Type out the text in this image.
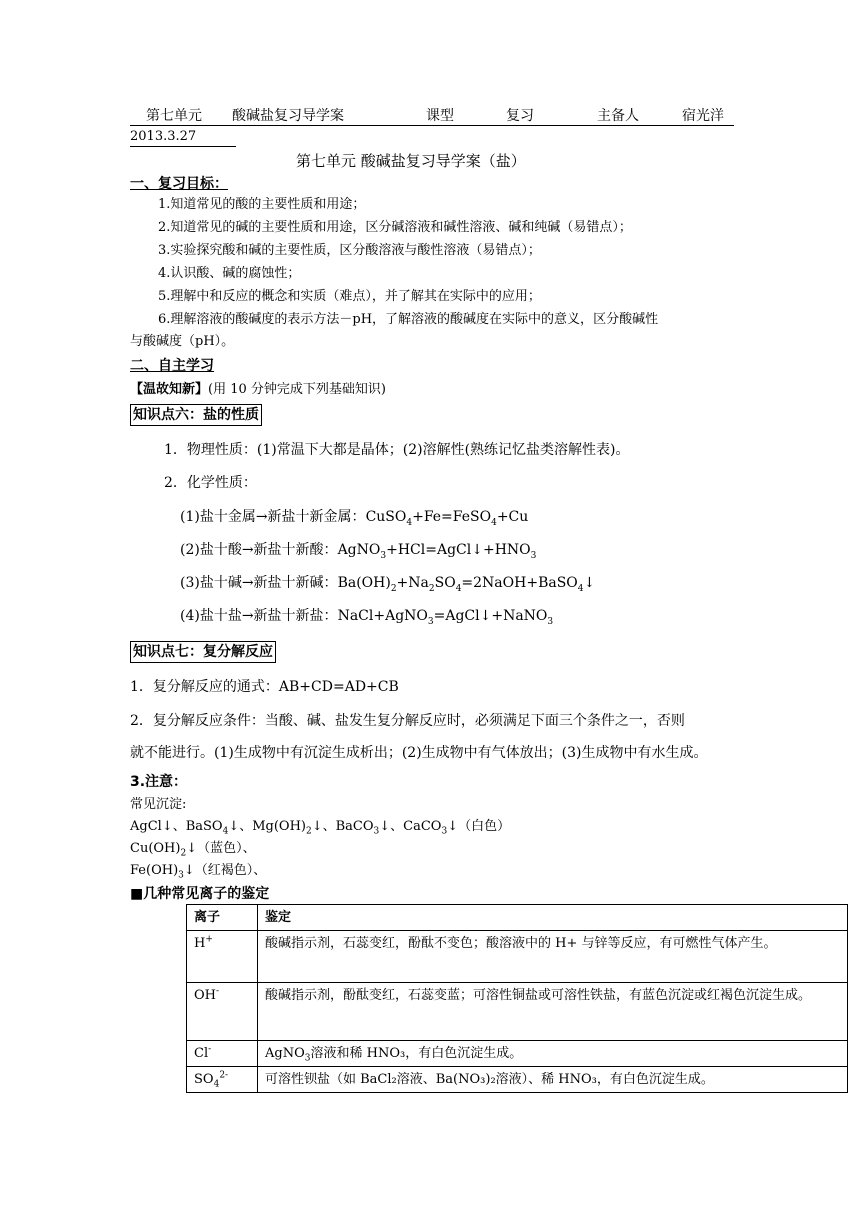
第七单元 酸碱盐复习导学案	课型	复习	主备人	宿光洋
2013.3.27
第七单元 酸碱盐复习导学案（盐）
一、复习目标：
1.知道常见的酸的主要性质和用途；
2.知道常见的碱的主要性质和用途，区分碱溶液和碱性溶液、碱和纯碱（易错点）；
3.实验探究酸和碱的主要性质，区分酸溶液与酸性溶液（易错点）；
4.认识酸、碱的腐蚀性；
5.理解中和反应的概念和实质（难点），并了解其在实际中的应用；
6.理解溶液的酸碱度的表示方法－pH，了解溶液的酸碱度在实际中的意义，区分酸碱性
与酸碱度（pH）。
二、自主学习
【温故知新】(用 10 分钟完成下列基础知识)
知识点六：盐的性质
1．物理性质：(1)常温下大都是晶体；(2)溶解性(熟练记忆盐类溶解性表)。
2．化学性质：
(1)盐十金属→新盐十新金属：CuSO$_4$+Fe=FeSO$_4$+Cu
(2)盐十酸→新盐十新酸：$AgNO_3+HCl=AgCl↓+HNO_3$
(3)盐十碱→新盐十新碱：$Ba(OH)_2+Na_2SO_4=2NaOH+BaSO_4↓$
(4)盐十盐→新盐十新盐：NaCl+AgNO$_3$=AgCl↓+NaNO$_3$
知识点七：复分解反应
1．复分解反应的通式：AB+CD=AD+CB
2．复分解反应条件：当酸、碱、盐发生复分解反应时，必须满足下面三个条件之一，否则
就不能进行。(1)生成物中有沉淀生成析出；(2)生成物中有气体放出；(3)生成物中有水生成。
3.注意：
常见沉淀:
AgCl↓、BaSO$_4$↓、$Mg(OH)_2↓$、BaCO$_3$↓、CaCO$_3$↓（白色）
$Cu(OH)_2↓$（蓝色）、
$Fe(OH)_3↓$（红褐色）、
■几种常见离子的鉴定
离子	鉴定
H+	酸碱指示剂，石蕊变红，酚酞不变色；酸溶液中的 H+ 与锌等反应，有可燃性气体产生。
OH-	酸碱指示剂，酚酞变红，石蕊变蓝；可溶性铜盐或可溶性铁盐，有蓝色沉淀或红褐色沉淀生成。
Cl-	AgNO$_3$溶液和稀 HNO₃，有白色沉淀生成。
$SO_4^{2-}$	可溶性钡盐（如 BaCl₂溶液、Ba(NO₃)₂溶液）、稀 HNO₃，有白色沉淀生成。
